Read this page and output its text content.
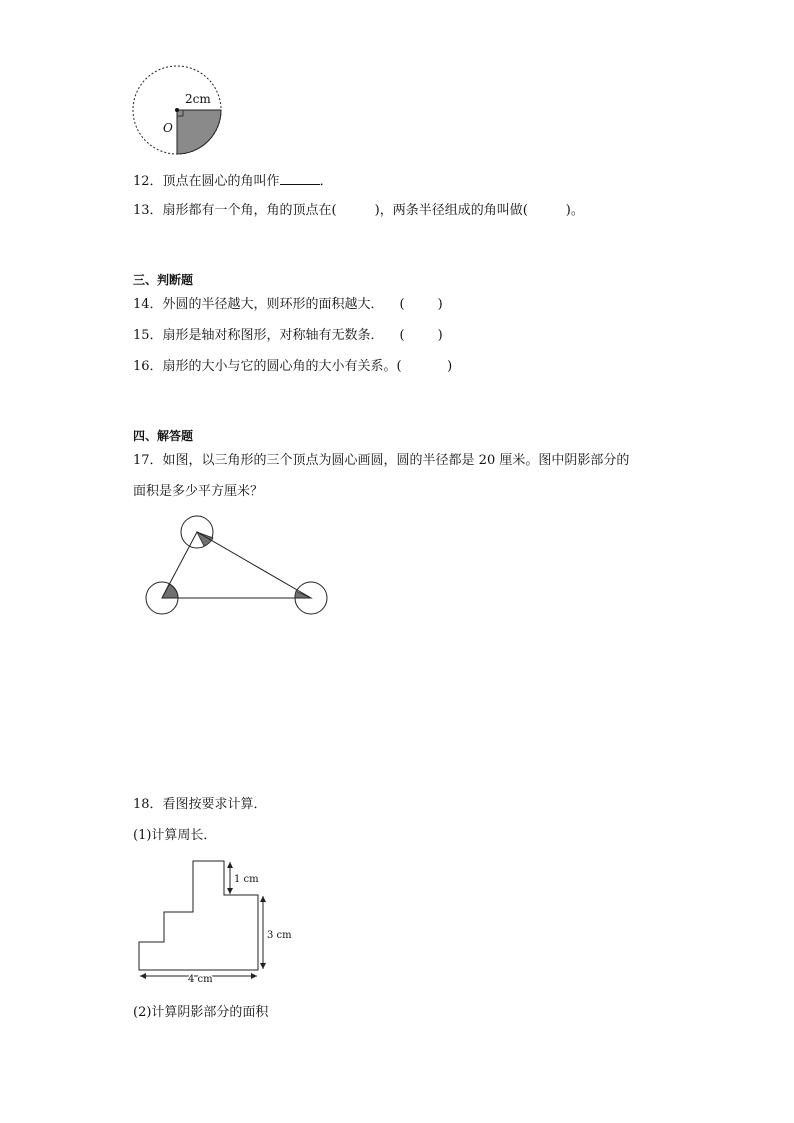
2cm
O
12．顶点在圆心的角叫作	．
13．扇形都有一个角，角的顶点在(	)，两条半径组成的角叫做(	)。
三、判断题
14．外圆的半径越大，则环形的面积越大． (        )
15．扇形是轴对称图形，对称轴有无数条． (        )
16．扇形的大小与它的圆心角的大小有关系。(           )
四、解答题
17．如图，以三角形的三个顶点为圆心画圆，圆的半径都是 20 厘米。图中阴影部分的
面积是多少平方厘米？
18．看图按要求计算．
(1)计算周长．
1 cm
3 cm
4 cm
(2)计算阴影部分的面积
